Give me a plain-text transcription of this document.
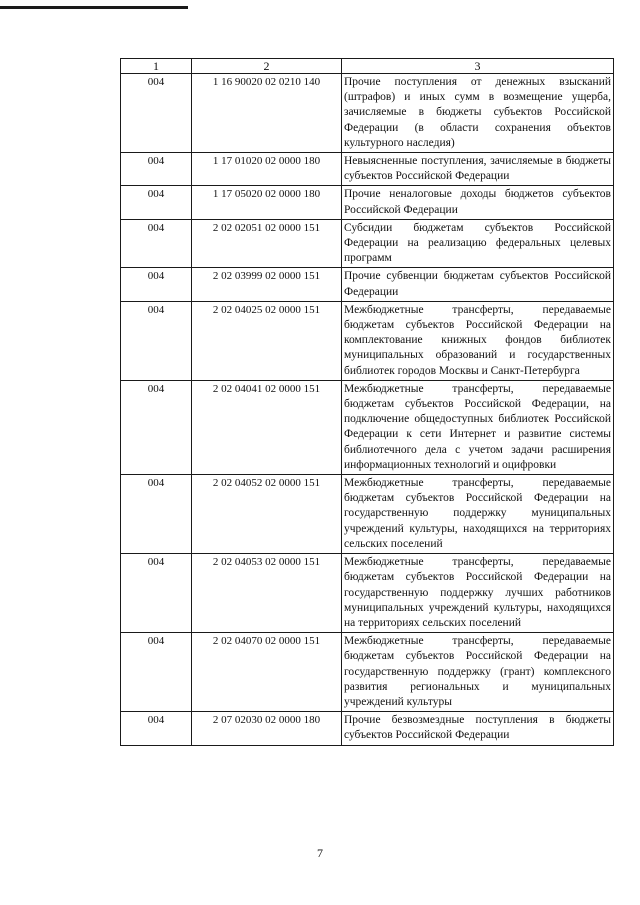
1	2	3
004	1 16 90020 02 0210 140	Прочие поступления от денежных взысканий (штрафов) и иных сумм в возмещение ущерба, зачисляемые в бюджеты субъектов Российской Федерации (в области сохранения объектов культурного наследия)
004	1 17 01020 02 0000 180	Невыясненные поступления, зачисляемые в бюджеты субъектов Российской Федерации
004	1 17 05020 02 0000 180	Прочие неналоговые доходы бюджетов субъектов Российской Федерации
004	2 02 02051 02 0000 151	Субсидии бюджетам субъектов Российской Федерации на реализацию федеральных целевых программ
004	2 02 03999 02 0000 151	Прочие субвенции бюджетам субъектов Российской Федерации
004	2 02 04025 02 0000 151	Межбюджетные трансферты, передаваемые бюджетам субъектов Российской Федерации на комплектование книжных фондов библиотек муниципальных образований и государственных библиотек городов Москвы и Санкт-Петербурга
004	2 02 04041 02 0000 151	Межбюджетные трансферты, передаваемые бюджетам субъектов Российской Федерации, на подключение общедоступных библиотек Российской Федерации к сети Интернет и развитие системы библиотечного дела с учетом задачи расширения информационных технологий и оцифровки
004	2 02 04052 02 0000 151	Межбюджетные трансферты, передаваемые бюджетам субъектов Российской Федерации на государственную поддержку муниципальных учреждений культуры, находящихся на территориях сельских поселений
004	2 02 04053 02 0000 151	Межбюджетные трансферты, передаваемые бюджетам субъектов Российской Федерации на государственную поддержку лучших работников муниципальных учреждений культуры, находящихся на территориях сельских поселений
004	2 02 04070 02 0000 151	Межбюджетные трансферты, передаваемые бюджетам субъектов Российской Федерации на государственную поддержку (грант) комплексного развития региональных и муниципальных учреждений культуры
004	2 07 02030 02 0000 180	Прочие безвозмездные поступления в бюджеты субъектов Российской Федерации
7
